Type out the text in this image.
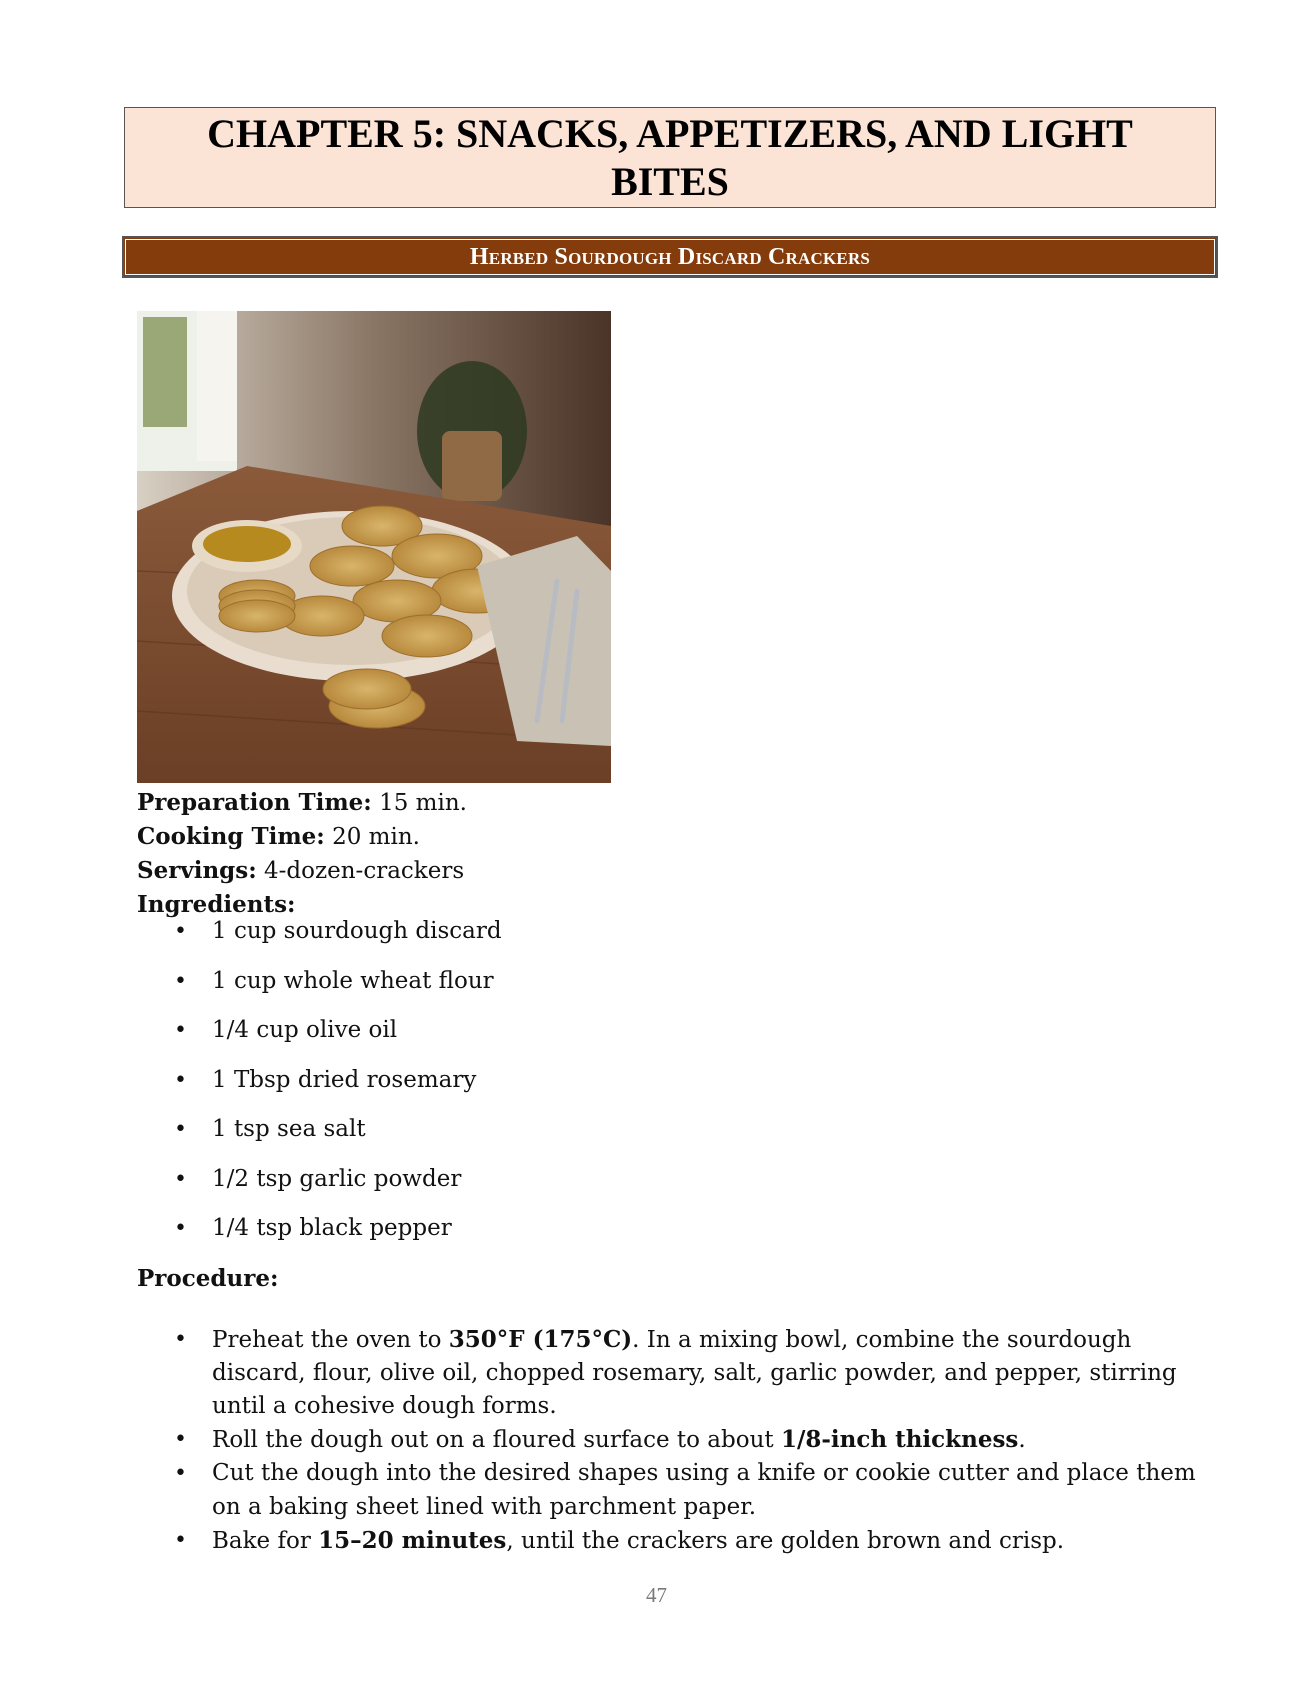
CHAPTER 5: SNACKS, APPETIZERS, AND LIGHT BITES
Herbed Sourdough Discard Crackers
Preparation Time: 15 min.
Cooking Time: 20 min.
Servings: 4-dozen-crackers
Ingredients:
• 1 cup sourdough discard
• 1 cup whole wheat flour
• 1/4 cup olive oil
• 1 Tbsp dried rosemary
• 1 tsp sea salt
• 1/2 tsp garlic powder
• 1/4 tsp black pepper
Procedure:
• Preheat the oven to 350°F (175°C). In a mixing bowl, combine the sourdough discard, flour, olive oil, chopped rosemary, salt, garlic powder, and pepper, stirring until a cohesive dough forms.
• Roll the dough out on a floured surface to about 1/8-inch thickness.
• Cut the dough into the desired shapes using a knife or cookie cutter and place them on a baking sheet lined with parchment paper.
• Bake for 15–20 minutes, until the crackers are golden brown and crisp.
47
